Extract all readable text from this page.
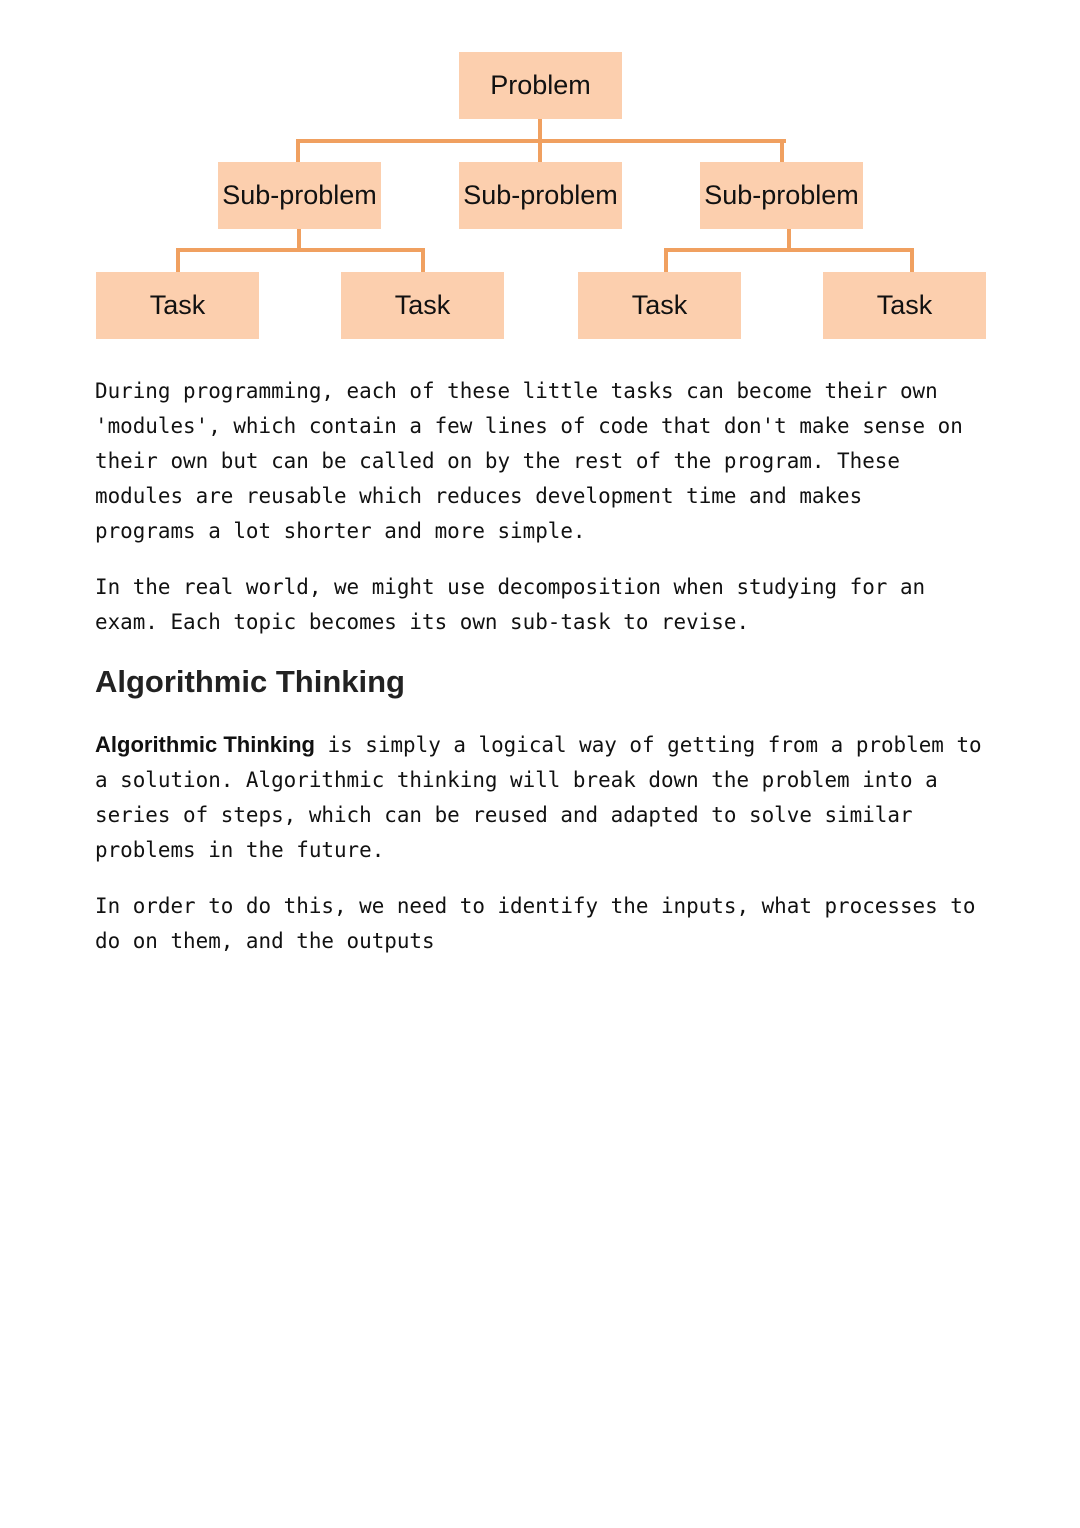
Problem
Sub-problem	Sub-problem	Sub-problem
Task	Task	Task	Task

During programming, each of these little tasks can become their own
'modules', which contain a few lines of code that don't make sense on
their own but can be called on by the rest of the program. These
modules are reusable which reduces development time and makes
programs a lot shorter and more simple.

In the real world, we might use decomposition when studying for an
exam. Each topic becomes its own sub-task to revise.

Algorithmic Thinking

Algorithmic Thinking is simply a logical way of getting from a problem to
a solution. Algorithmic thinking will break down the problem into a
series of steps, which can be reused and adapted to solve similar
problems in the future.

In order to do this, we need to identify the inputs, what processes to
do on them, and the outputs
